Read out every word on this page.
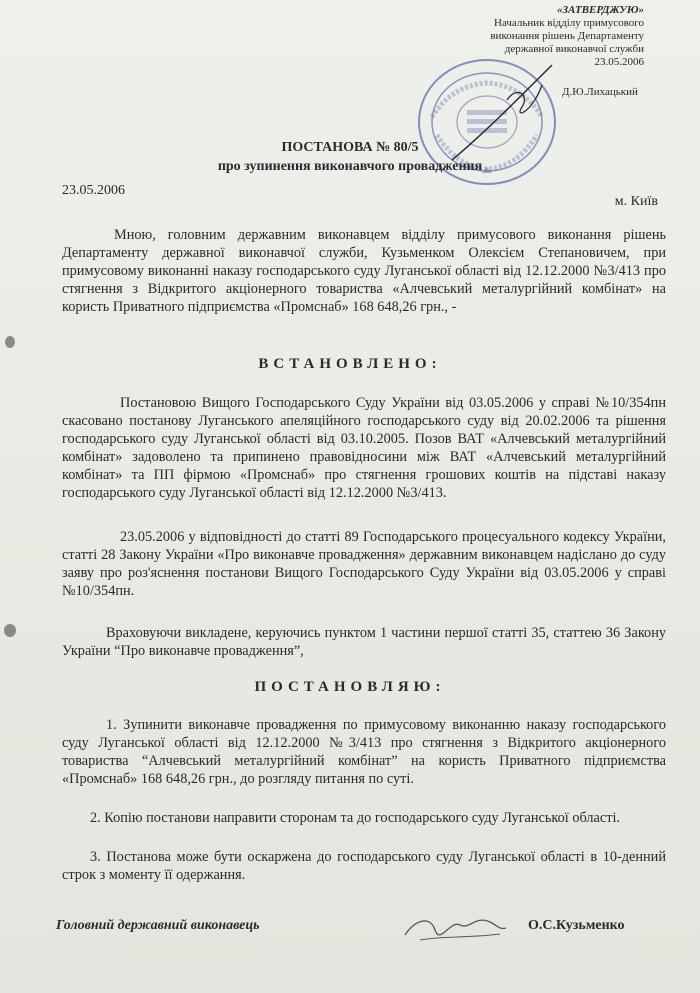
«ЗАТВЕРДЖУЮ»
Начальник відділу примусового
виконання рішень Департаменту
державної виконавчої служби
23.05.2006
Д.Ю.Лихацький
ПОСТАНОВА № 80/5
про зупинення виконавчого провадження
23.05.2006
м. Київ
Мною, головним державним виконавцем відділу примусового виконання рішень Департаменту державної виконавчої служби, Кузьменком Олексієм Степановичем, при примусовому виконанні наказу господарського суду Луганської області від 12.12.2000 №3/413 про стягнення з Відкритого акціонерного товариства «Алчевський металургійний комбінат» на користь Приватного підприємства «Промснаб» 168 648,26 грн., -
ВСТАНОВЛЕНО:
Постановою Вищого Господарського Суду України від 03.05.2006 у справі №10/354пн скасовано постанову Луганського апеляційного господарського суду від 20.02.2006 та рішення господарського суду Луганської області від 03.10.2005. Позов ВАТ «Алчевський металургійний комбінат» задоволено та припинено правовідносини між ВАТ «Алчевський металургійний комбінат» та ПП фірмою «Промснаб» про стягнення грошових коштів на підставі наказу господарського суду Луганської області від 12.12.2000 №3/413.
23.05.2006 у відповідності до статті 89 Господарського процесуального кодексу України, статті 28 Закону України «Про виконавче провадження» державним виконавцем надіслано до суду заяву про роз'яснення постанови Вищого Господарського Суду України від 03.05.2006 у справі №10/354пн.
Враховуючи викладене, керуючись пунктом 1 частини першої статті 35, статтею 36 Закону України “Про виконавче провадження”,
ПОСТАНОВЛЯЮ:
1. Зупинити виконавче провадження по примусовому виконанню наказу господарського суду Луганської області від 12.12.2000 №3/413 про стягнення з Відкритого акціонерного товариства “Алчевський металургійний комбінат” на користь Приватного підприємства «Промснаб» 168 648,26 грн., до розгляду питання по суті.
2. Копію постанови направити сторонам та до господарського суду Луганської області.
3. Постанова може бути оскаржена до господарського суду Луганської області в 10-денний строк з моменту її одержання.
Головний державний виконавець	О.С.Кузьменко
